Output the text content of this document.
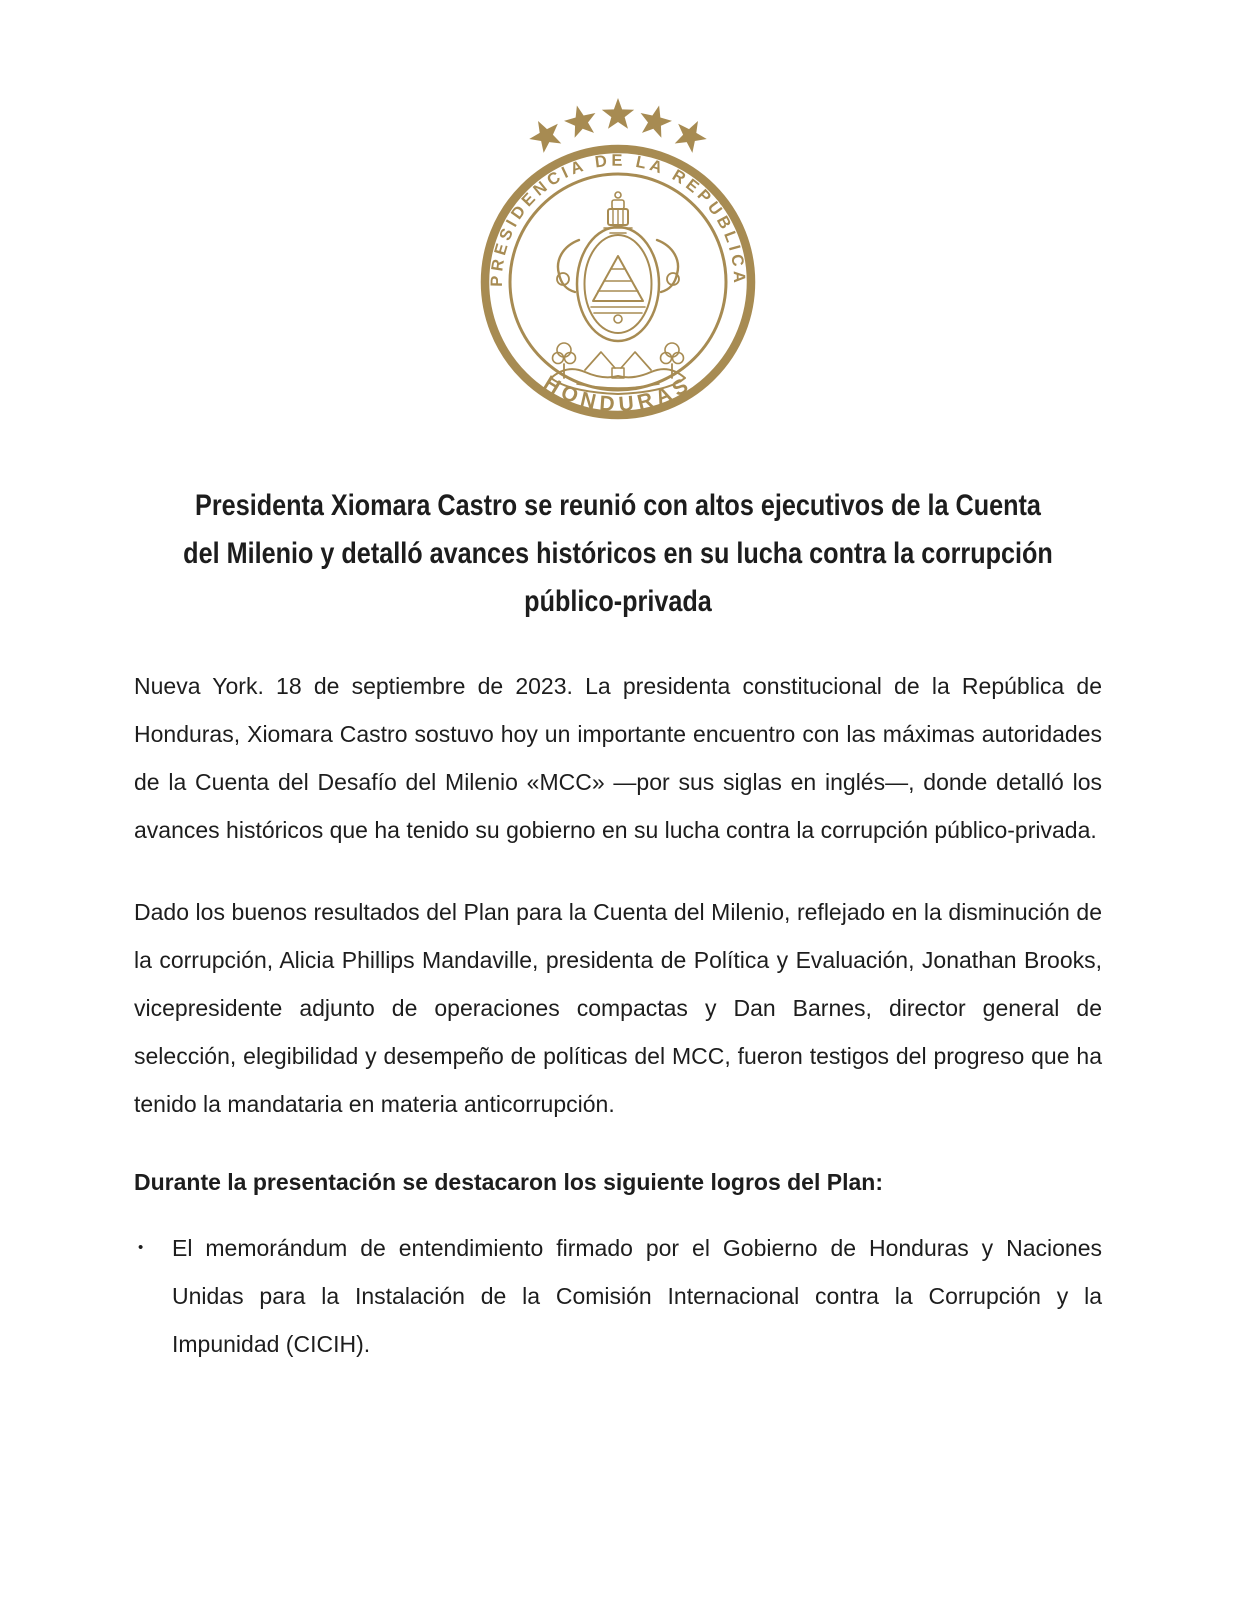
PRESIDENCIA DE LA REPÚBLICA
HONDURAS
Presidenta Xiomara Castro se reunió con altos ejecutivos de la Cuenta
del Milenio y detalló avances históricos en su lucha contra la corrupción
público-privada

Nueva York. 18 de septiembre de 2023. La presidenta constitucional de la República de Honduras, Xiomara Castro sostuvo hoy un importante encuentro con las máximas autoridades de la Cuenta del Desafío del Milenio «MCC» —por sus siglas en inglés—, donde detalló los avances históricos que ha tenido su gobierno en su lucha contra la corrupción público-privada.

Dado los buenos resultados del Plan para la Cuenta del Milenio, reflejado en la disminución de la corrupción, Alicia Phillips Mandaville, presidenta de Política y Evaluación, Jonathan Brooks, vicepresidente adjunto de operaciones compactas y Dan Barnes, director general de selección, elegibilidad y desempeño de políticas del MCC, fueron testigos del progreso que ha tenido la mandataria en materia anticorrupción.

Durante la presentación se destacaron los siguiente logros del Plan:
•	El memorándum de entendimiento firmado por el Gobierno de Honduras y Naciones Unidas para la Instalación de la Comisión Internacional contra la Corrupción y la Impunidad (CICIH).
